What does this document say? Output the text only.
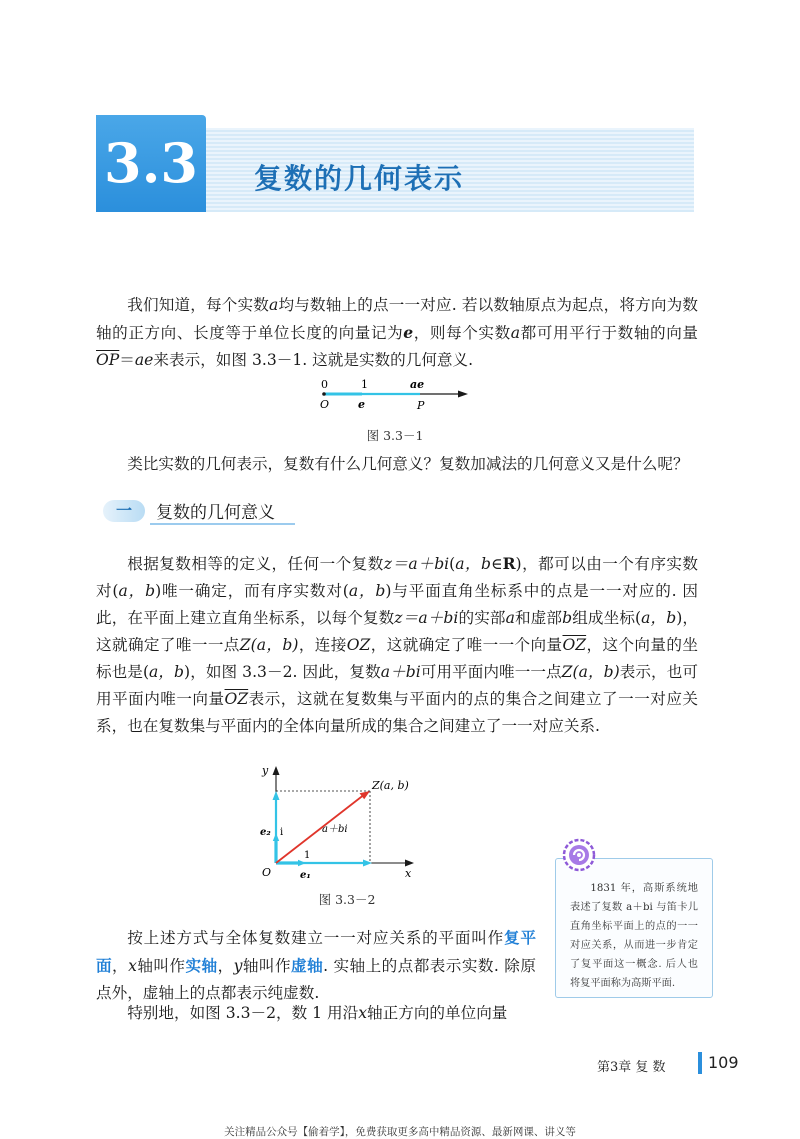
3.3 复数的几何表示
我们知道，每个实数a均与数轴上的点一一对应. 若以数轴原点为起点，将方向为数轴的正方向、长度等于单位长度的向量记为e，则每个实数a都可用平行于数轴的向量$\overline{OP}=ae$来表示，如图 3.3－1. 这就是实数的几何意义.
0	1	ae
O	e	P
图 3.3－1
类比实数的几何表示，复数有什么几何意义？复数加减法的几何意义又是什么呢？
一	复数的几何意义
根据复数相等的定义，任何一个复数z＝a＋bi(a，b∈R)，都可以由一个有序实数对(a，b)唯一确定，而有序实数对(a，b)与平面直角坐标系中的点是一一对应的. 因此，在平面上建立直角坐标系，以每个复数z＝a＋bi的实部a和虚部b组成坐标(a，b)，这就确定了唯一一点Z(a，b)，连接OZ，这就确定了唯一一个向量$\overline{OZ}$，这个向量的坐标也是(a，b)，如图 3.3－2. 因此，复数a＋bi可用平面内唯一一点Z(a，b)表示，也可用平面内唯一向量$\overline{OZ}$表示，这就在复数集与平面内的点的集合之间建立了一一对应关系，也在复数集与平面内的全体向量所成的集合之间建立了一一对应关系.
y
x
O
Z(a, b)
e₂ i
e₁
1
a＋bi
图 3.3－2
按上述方式与全体复数建立一一对应关系的平面叫作复平面，x轴叫作实轴，y轴叫作虚轴. 实轴上的点都表示实数. 除原点外，虚轴上的点都表示纯虚数.
特别地，如图 3.3－2，数 1 用沿x轴正方向的单位向量
1831 年，高斯系统地表述了复数 a＋bi 与笛卡儿直角坐标平面上的点的一一对应关系，从而进一步肯定了复平面这一概念. 后人也将复平面称为高斯平面.
第3章 复 数	109
关注精品公众号【偷着学】，免费获取更多高中精品资源、最新网课、讲义等
